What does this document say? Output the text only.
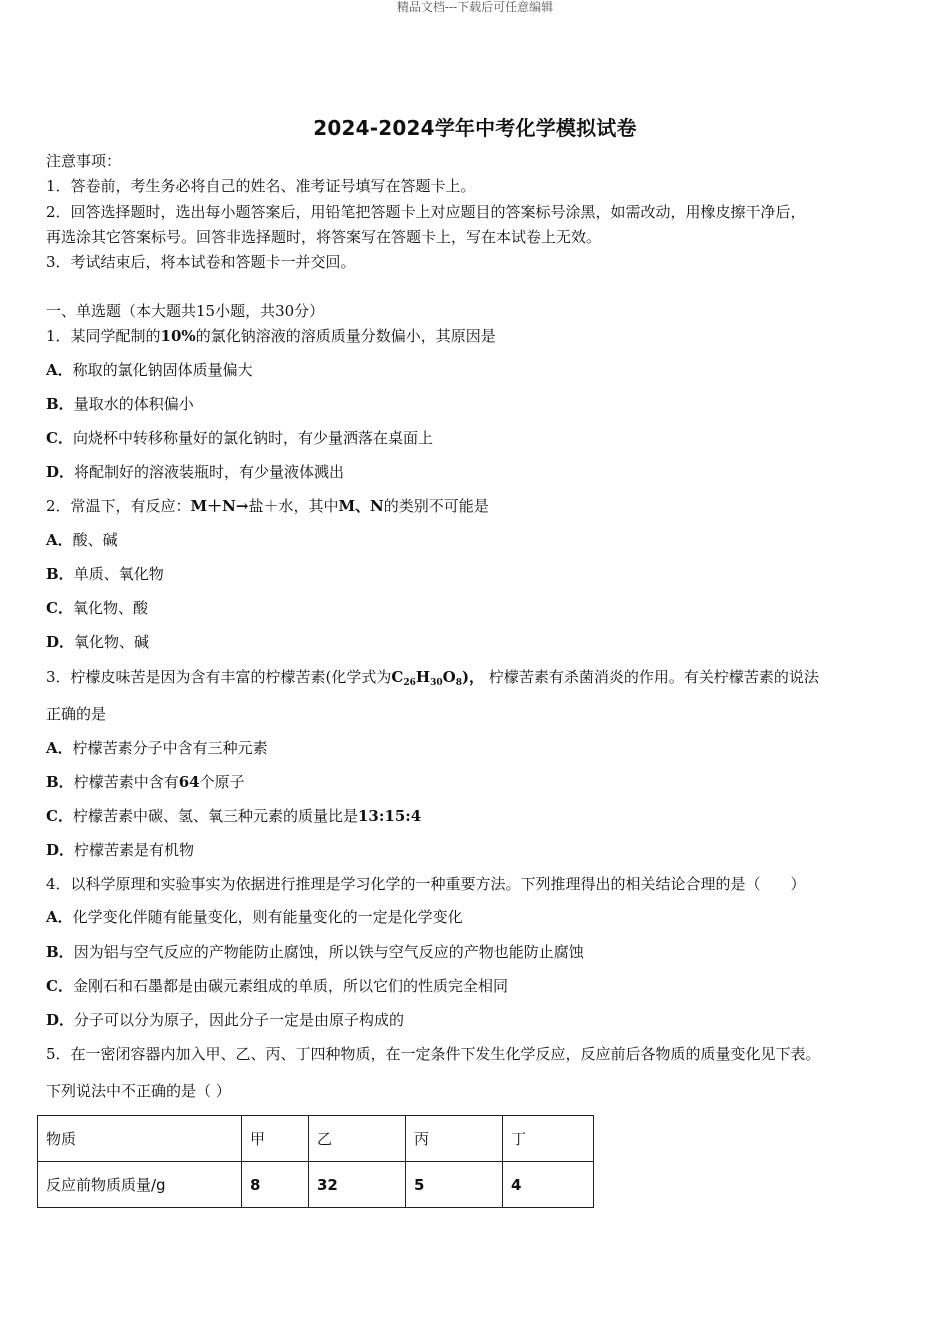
精品文档---下载后可任意编辑
2024-2024学年中考化学模拟试卷
注意事项：
1．答卷前，考生务必将自己的姓名、准考证号填写在答题卡上。
2．回答选择题时，选出每小题答案后，用铅笔把答题卡上对应题目的答案标号涂黑，如需改动，用橡皮擦干净后，
再选涂其它答案标号。回答非选择题时，将答案写在答题卡上，写在本试卷上无效。
3．考试结束后，将本试卷和答题卡一并交回。
一、单选题（本大题共15小题，共30分）
1．某同学配制的10%的氯化钠溶液的溶质质量分数偏小，其原因是
A．称取的氯化钠固体质量偏大
B．量取水的体积偏小
C．向烧杯中转移称量好的氯化钠时，有少量洒落在桌面上
D．将配制好的溶液装瓶时，有少量液体溅出
2．常温下，有反应：M＋N→盐＋水，其中M、N的类别不可能是
A．酸、碱
B．单质、氧化物
C．氧化物、酸
D．氧化物、碱
3．柠檬皮味苦是因为含有丰富的柠檬苦素(化学式为$C_{26}H_{30}O_8$)， 柠檬苦素有杀菌消炎的作用。有关柠檬苦素的说法
正确的是
A．柠檬苦素分子中含有三种元素
B．柠檬苦素中含有64个原子
C．柠檬苦素中碳、氢、氧三种元素的质量比是13:15:4
D．柠檬苦素是有机物
4．以科学原理和实验事实为依据进行推理是学习化学的一种重要方法。下列推理得出的相关结论合理的是（　　）
A．化学变化伴随有能量变化，则有能量变化的一定是化学变化
B．因为铝与空气反应的产物能防止腐蚀，所以铁与空气反应的产物也能防止腐蚀
C．金刚石和石墨都是由碳元素组成的单质，所以它们的性质完全相同
D．分子可以分为原子，因此分子一定是由原子构成的
5．在一密闭容器内加入甲、乙、丙、丁四种物质，在一定条件下发生化学反应，反应前后各物质的质量变化见下表。
下列说法中不正确的是（ ）
物质	甲	乙	丙	丁
反应前物质质量/g	8	32	5	4
